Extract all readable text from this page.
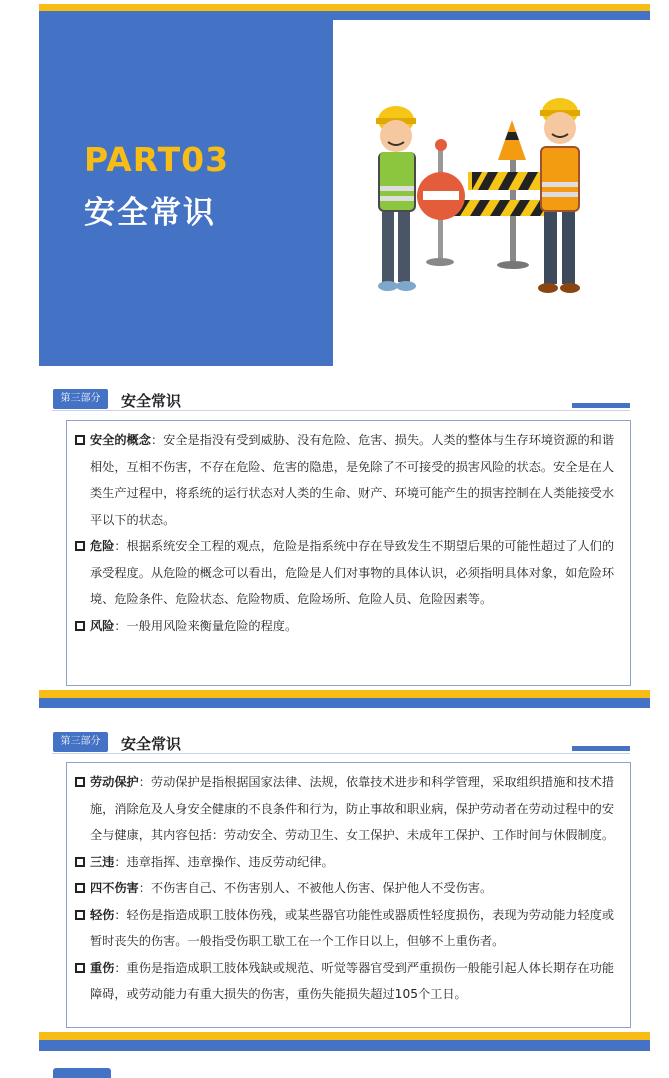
PART03
安全常识
第三部分	安全常识
安全的概念：安全是指没有受到威胁、没有危险、危害、损失。人类的整体与生存环境资源的和谐相处，互相不伤害，不存在危险、危害的隐患，是免除了不可接受的损害风险的状态。安全是在人类生产过程中，将系统的运行状态对人类的生命、财产、环境可能产生的损害控制在人类能接受水平以下的状态。
危险：根据系统安全工程的观点，危险是指系统中存在导致发生不期望后果的可能性超过了人们的承受程度。从危险的概念可以看出，危险是人们对事物的具体认识，必须指明具体对象，如危险环境、危险条件、危险状态、危险物质、危险场所、危险人员、危险因素等。
风险：一般用风险来衡量危险的程度。
第三部分	安全常识
劳动保护：劳动保护是指根据国家法律、法规，依靠技术进步和科学管理，采取组织措施和技术措施，消除危及人身安全健康的不良条件和行为，防止事故和职业病，保护劳动者在劳动过程中的安全与健康，其内容包括：劳动安全、劳动卫生、女工保护、未成年工保护、工作时间与休假制度。
三违：违章指挥、违章操作、违反劳动纪律。
四不伤害：不伤害自己、不伤害别人、不被他人伤害、保护他人不受伤害。
轻伤：轻伤是指造成职工肢体伤残，或某些器官功能性或器质性轻度损伤，表现为劳动能力轻度或暂时丧失的伤害。一般指受伤职工歇工在一个工作日以上，但够不上重伤者。
重伤：重伤是指造成职工肢体残缺或规范、听觉等器官受到严重损伤一般能引起人体长期存在功能障碍，或劳动能力有重大损失的伤害，重伤失能损失超过105个工日。
